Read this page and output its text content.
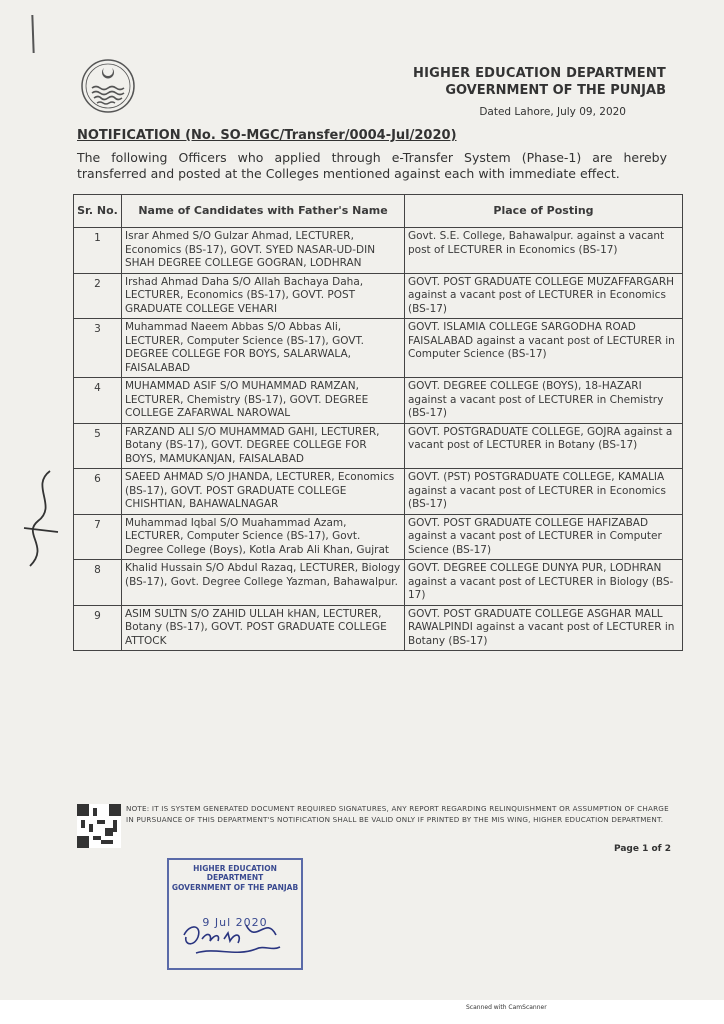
HIGHER EDUCATION DEPARTMENT
GOVERNMENT OF THE PUNJAB
Dated Lahore, July 09, 2020
NOTIFICATION (No. SO-MGC/Transfer/0004-Jul/2020)
The following Officers who applied through e-Transfer System (Phase-1) are hereby transferred and posted at the Colleges mentioned against each with immediate effect.
Sr. No.	Name of Candidates with Father's Name	Place of Posting
1	Israr Ahmed S/O Gulzar Ahmad, LECTURER, Economics (BS-17), GOVT. SYED NASAR-UD-DIN SHAH DEGREE COLLEGE GOGRAN, LODHRAN	Govt. S.E. College, Bahawalpur. against a vacant post of LECTURER in Economics (BS-17)
2	Irshad Ahmad Daha S/O Allah Bachaya Daha, LECTURER, Economics (BS-17), GOVT. POST GRADUATE COLLEGE VEHARI	GOVT. POST GRADUATE COLLEGE MUZAFFARGARH against a vacant post of LECTURER in Economics (BS-17)
3	Muhammad Naeem Abbas S/O Abbas Ali, LECTURER, Computer Science (BS-17), GOVT. DEGREE COLLEGE FOR BOYS, SALARWALA, FAISALABAD	GOVT. ISLAMIA COLLEGE SARGODHA ROAD FAISALABAD against a vacant post of LECTURER in Computer Science (BS-17)
4	MUHAMMAD ASIF S/O MUHAMMAD RAMZAN, LECTURER, Chemistry (BS-17), GOVT. DEGREE COLLEGE ZAFARWAL NAROWAL	GOVT. DEGREE COLLEGE (BOYS), 18-HAZARI against a vacant post of LECTURER in Chemistry (BS-17)
5	FARZAND ALI S/O MUHAMMAD GAHI, LECTURER, Botany (BS-17), GOVT. DEGREE COLLEGE FOR BOYS, MAMUKANJAN, FAISALABAD	GOVT. POSTGRADUATE COLLEGE, GOJRA against a vacant post of LECTURER in Botany (BS-17)
6	SAEED AHMAD S/O JHANDA, LECTURER, Economics (BS-17), GOVT. POST GRADUATE COLLEGE CHISHTIAN, BAHAWALNAGAR	GOVT. (PST) POSTGRADUATE COLLEGE, KAMALIA against a vacant post of LECTURER in Economics (BS-17)
7	Muhammad Iqbal S/O Muahammad Azam, LECTURER, Computer Science (BS-17), Govt. Degree College (Boys), Kotla Arab Ali Khan, Gujrat	GOVT. POST GRADUATE COLLEGE HAFIZABAD against a vacant post of LECTURER in Computer Science (BS-17)
8	Khalid Hussain S/O Abdul Razaq, LECTURER, Biology (BS-17), Govt. Degree College Yazman, Bahawalpur.	GOVT. DEGREE COLLEGE DUNYA PUR, LODHRAN against a vacant post of LECTURER in Biology (BS-17)
9	ASIM SULTN S/O ZAHID ULLAH kHAN, LECTURER, Botany (BS-17), GOVT. POST GRADUATE COLLEGE ATTOCK	GOVT. POST GRADUATE COLLEGE ASGHAR MALL RAWALPINDI against a vacant post of LECTURER in Botany (BS-17)
NOTE: IT IS SYSTEM GENERATED DOCUMENT REQUIRED SIGNATURES, ANY REPORT REGARDING RELINQUISHMENT OR ASSUMPTION OF CHARGE IN PURSUANCE OF THIS DEPARTMENT'S NOTIFICATION SHALL BE VALID ONLY IF PRINTED BY THE MIS WING, HIGHER EDUCATION DEPARTMENT.
Page 1 of 2
HIGHER EDUCATION DEPARTMENT
GOVERNMENT OF THE PANJAB
9 Jul 2020
Scanned with CamScanner
